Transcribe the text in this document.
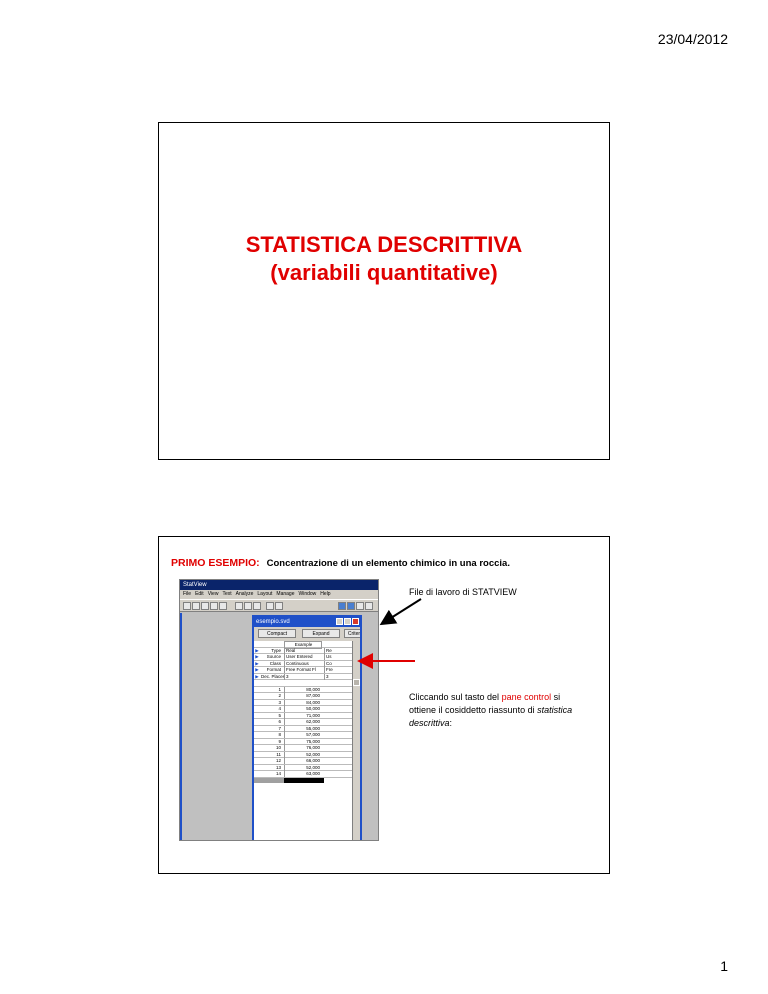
23/04/2012
STATISTICA DESCRITTIVA
(variabili quantitative)
PRIMO ESEMPIO: Concentrazione di un elemento chimico in una roccia.
StatView
File Edit View Text Analyze Layout Manage Window Help
esempio.svd
Compact	Expand	Criter
Example
▶	Type	Real	Re
▶	Source	User Entered	Us
▶	Class	Continuous	Co
▶	Format	Free Format Fl	Fre
▶ Dec. Places 3	3
1	80,000
2	87,000
3	84,000
4	50,000
5	71,000
6	62,000
7	55,000
8	57,000
9	75,000
10	76,000
11	52,000
12	66,000
13	52,000
14	63,000
File di lavoro di STATVIEW
Cliccando sul tasto del pane control si ottiene il cosiddetto riassunto di statistica descrittiva:
1
